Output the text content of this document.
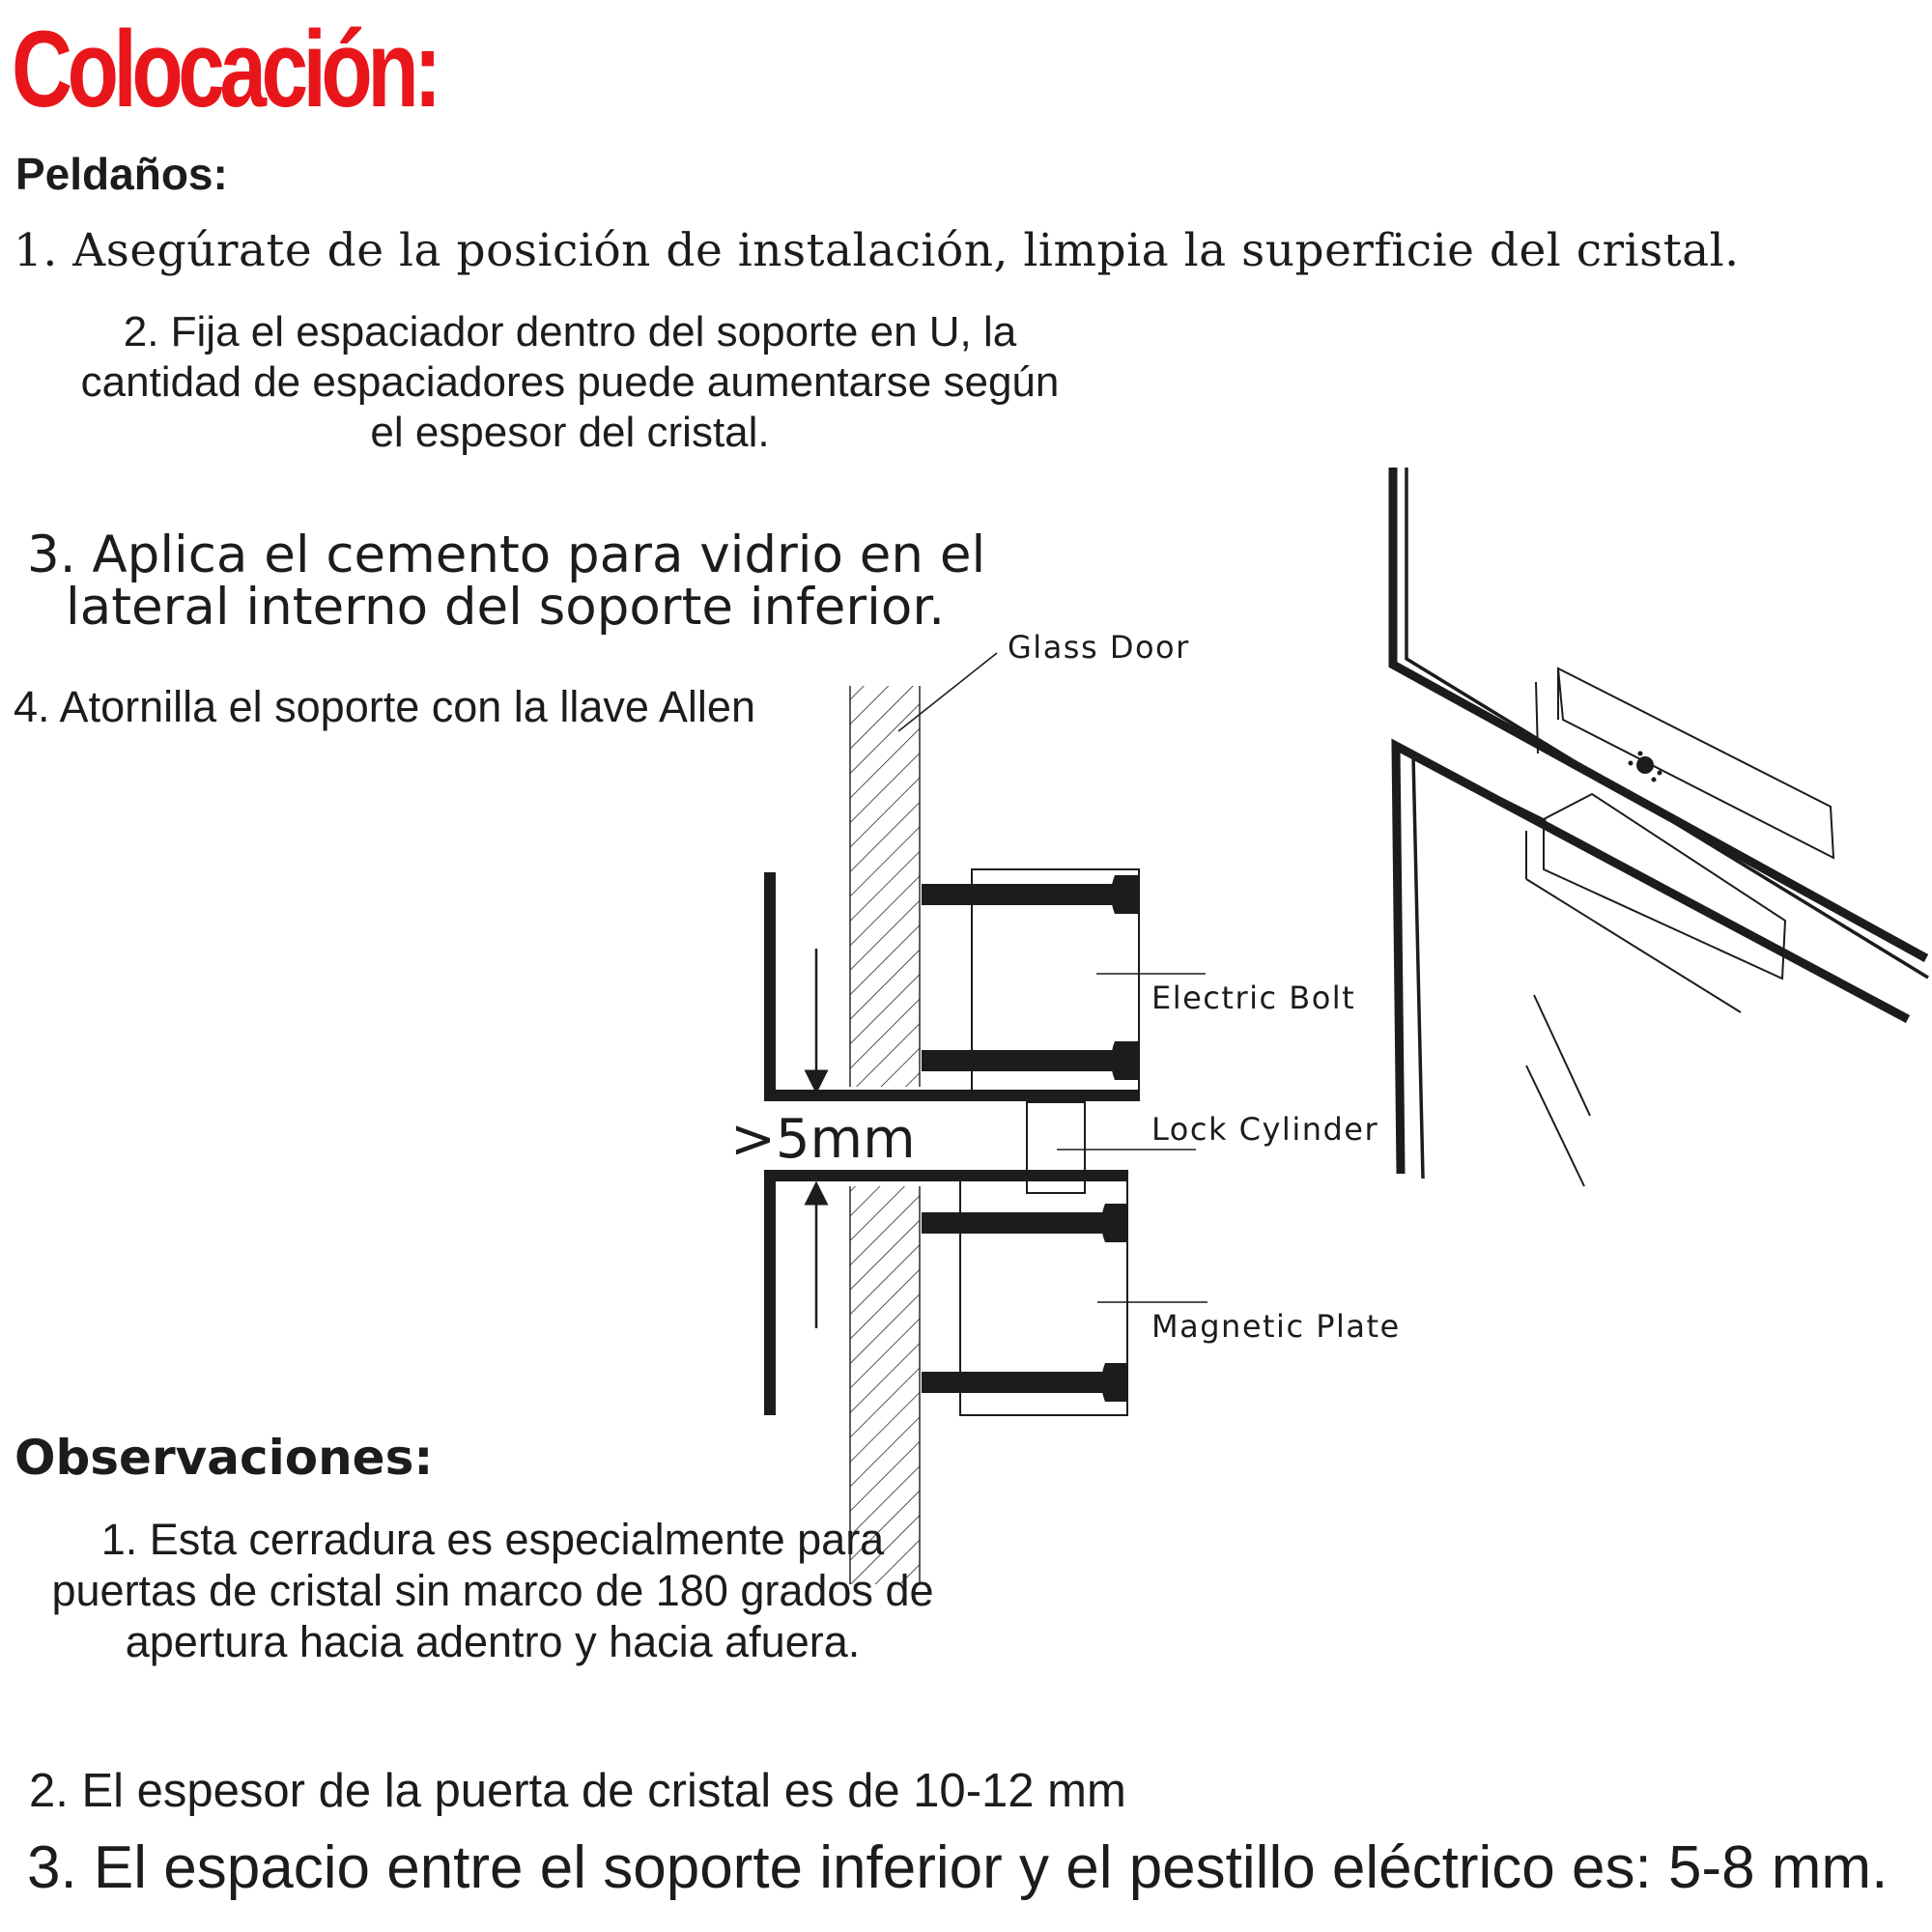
Colocación:
Peldaños:
1. Asegúrate de la posición de instalación, limpia la superficie del cristal.
2. Fija el espaciador dentro del soporte en U, la
cantidad de espaciadores puede aumentarse según
el espesor del cristal.
3. Aplica el cemento para vidrio en el
lateral interno del soporte inferior.
4. Atornilla el soporte con la llave Allen
>5mm
Glass Door
Electric Bolt
Lock Cylinder
Magnetic Plate
Observaciones:
1. Esta cerradura es especialmente para
puertas de cristal sin marco de 180 grados de
apertura hacia adentro y hacia afuera.
2. El espesor de la puerta de cristal es de 10-12 mm
3. El espacio entre el soporte inferior y el pestillo eléctrico es: 5-8 mm.
